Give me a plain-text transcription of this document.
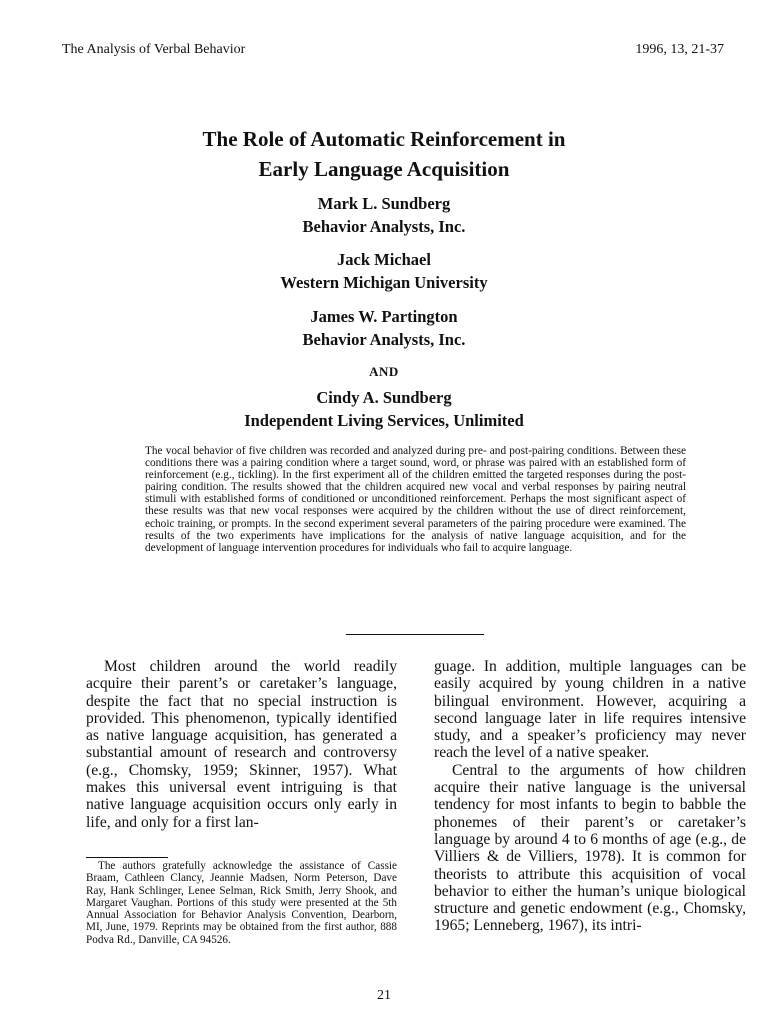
The Analysis of Verbal Behavior	1996, 13, 21-37
The Role of Automatic Reinforcement in
Early Language Acquisition
Mark L. Sundberg
Behavior Analysts, Inc.
Jack Michael
Western Michigan University
James W. Partington
Behavior Analysts, Inc.
AND
Cindy A. Sundberg
Independent Living Services, Unlimited
The vocal behavior of five children was recorded and analyzed during pre- and post-pairing conditions. Between these conditions there was a pairing condition where a target sound, word, or phrase was paired with an established form of reinforcement (e.g., tickling). In the first experiment all of the children emitted the targeted responses during the post-pairing condition. The results showed that the children acquired new vocal and verbal responses by pairing neutral stimuli with established forms of conditioned or unconditioned reinforcement. Perhaps the most significant aspect of these results was that new vocal responses were acquired by the children without the use of direct reinforcement, echoic training, or prompts. In the second experiment several parameters of the pairing procedure were examined. The results of the two experiments have implications for the analysis of native language acquisition, and for the development of language intervention procedures for individuals who fail to acquire language.

Most children around the world readily acquire their parent’s or caretaker’s language, despite the fact that no special instruction is provided. This phenomenon, typically identified as native language acquisition, has generated a substantial amount of research and controversy (e.g., Chomsky, 1959; Skinner, 1957). What makes this universal event intriguing is that native language acquisition occurs only early in life, and only for a first lan-

guage. In addition, multiple languages can be easily acquired by young children in a native bilingual environment. However, acquiring a second language later in life requires intensive study, and a speaker’s proficiency may never reach the level of a native speaker.

Central to the arguments of how children acquire their native language is the universal tendency for most infants to begin to babble the phonemes of their parent’s or caretaker’s language by around 4 to 6 months of age (e.g., de Villiers & de Villiers, 1978). It is common for theorists to attribute this acquisition of vocal behavior to either the human’s unique biological structure and genetic endowment (e.g., Chomsky, 1965; Lenneberg, 1967), its intri-

The authors gratefully acknowledge the assistance of Cassie Braam, Cathleen Clancy, Jeannie Madsen, Norm Peterson, Dave Ray, Hank Schlinger, Lenee Selman, Rick Smith, Jerry Shook, and Margaret Vaughan. Portions of this study were presented at the 5th Annual Association for Behavior Analysis Convention, Dearborn, MI, June, 1979. Reprints may be obtained from the first author, 888 Podva Rd., Danville, CA 94526.
21
